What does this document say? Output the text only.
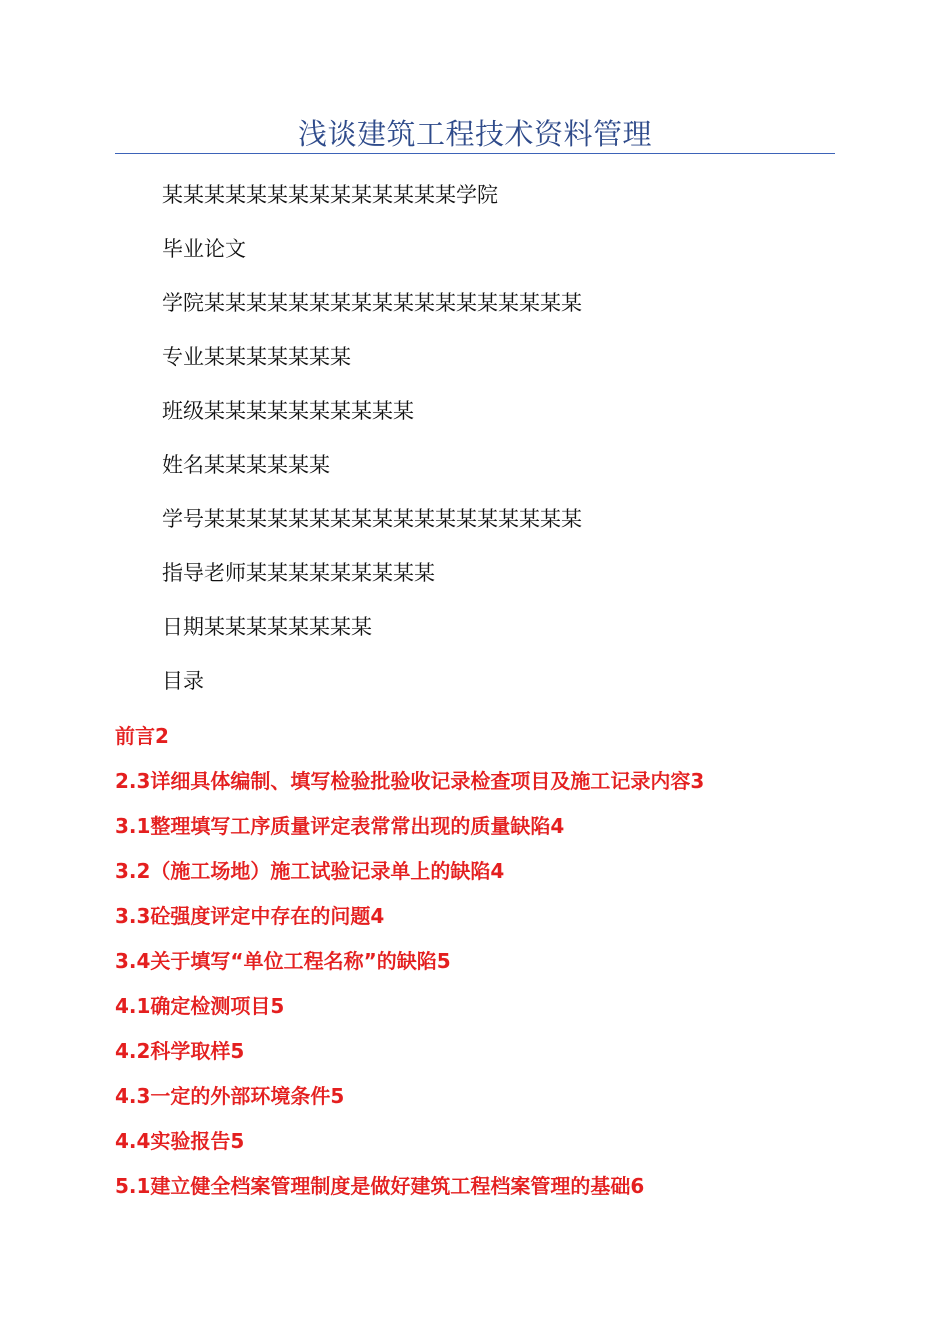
浅谈建筑工程技术资料管理
某某某某某某某某某某某某某某学院
毕业论文
学院某某某某某某某某某某某某某某某某某某
专业某某某某某某某
班级某某某某某某某某某某
姓名某某某某某某
学号某某某某某某某某某某某某某某某某某某
指导老师某某某某某某某某某
日期某某某某某某某某
目录
前言2
2.3详细具体编制、填写检验批验收记录检查项目及施工记录内容3
3.1整理填写工序质量评定表常常出现的质量缺陷4
3.2（施工场地）施工试验记录单上的缺陷4
3.3砼强度评定中存在的问题4
3.4关于填写“单位工程名称”的缺陷5
4.1确定检测项目5
4.2科学取样5
4.3一定的外部环境条件5
4.4实验报告5
5.1建立健全档案管理制度是做好建筑工程档案管理的基础6
